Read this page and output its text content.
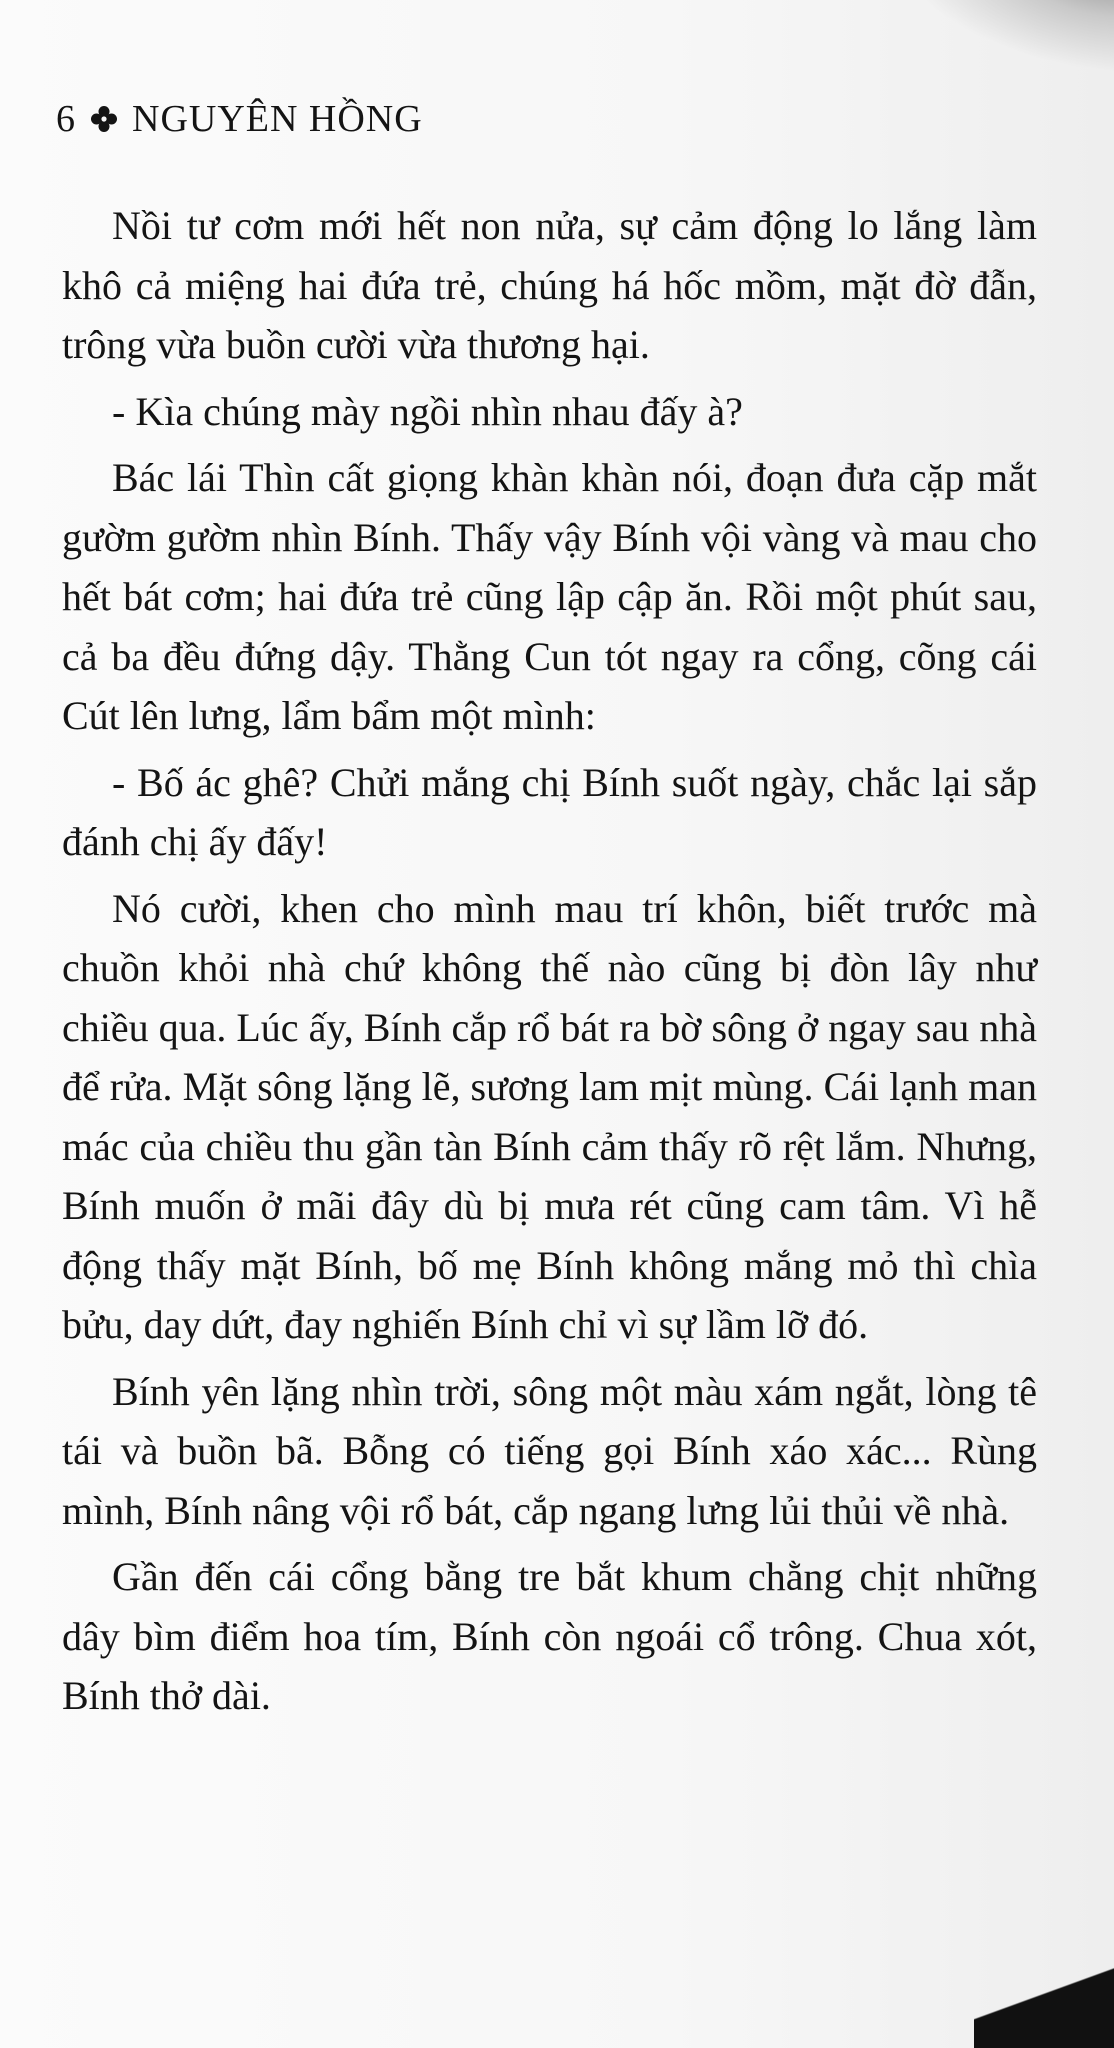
6 NGUYÊN HỒNG

Nồi tư cơm mới hết non nửa, sự cảm động lo lắng làm khô cả miệng hai đứa trẻ, chúng há hốc mồm, mặt đờ đẫn, trông vừa buồn cười vừa thương hại.

- Kìa chúng mày ngồi nhìn nhau đấy à?

Bác lái Thìn cất giọng khàn khàn nói, đoạn đưa cặp mắt gườm gườm nhìn Bính. Thấy vậy Bính vội vàng và mau cho hết bát cơm; hai đứa trẻ cũng lập cập ăn. Rồi một phút sau, cả ba đều đứng dậy. Thằng Cun tót ngay ra cổng, cõng cái Cút lên lưng, lẩm bẩm một mình:

- Bố ác ghê? Chửi mắng chị Bính suốt ngày, chắc lại sắp đánh chị ấy đấy!

Nó cười, khen cho mình mau trí khôn, biết trước mà chuồn khỏi nhà chứ không thế nào cũng bị đòn lây như chiều qua. Lúc ấy, Bính cắp rổ bát ra bờ sông ở ngay sau nhà để rửa. Mặt sông lặng lẽ, sương lam mịt mùng. Cái lạnh man mác của chiều thu gần tàn Bính cảm thấy rõ rệt lắm. Nhưng, Bính muốn ở mãi đây dù bị mưa rét cũng cam tâm. Vì hễ động thấy mặt Bính, bố mẹ Bính không mắng mỏ thì chìa bửu, day dứt, đay nghiến Bính chỉ vì sự lầm lỡ đó.

Bính yên lặng nhìn trời, sông một màu xám ngắt, lòng tê tái và buồn bã. Bỗng có tiếng gọi Bính xáo xác... Rùng mình, Bính nâng vội rổ bát, cắp ngang lưng lủi thủi về nhà.

Gần đến cái cổng bằng tre bắt khum chằng chịt những dây bìm điểm hoa tím, Bính còn ngoái cổ trông. Chua xót, Bính thở dài.
